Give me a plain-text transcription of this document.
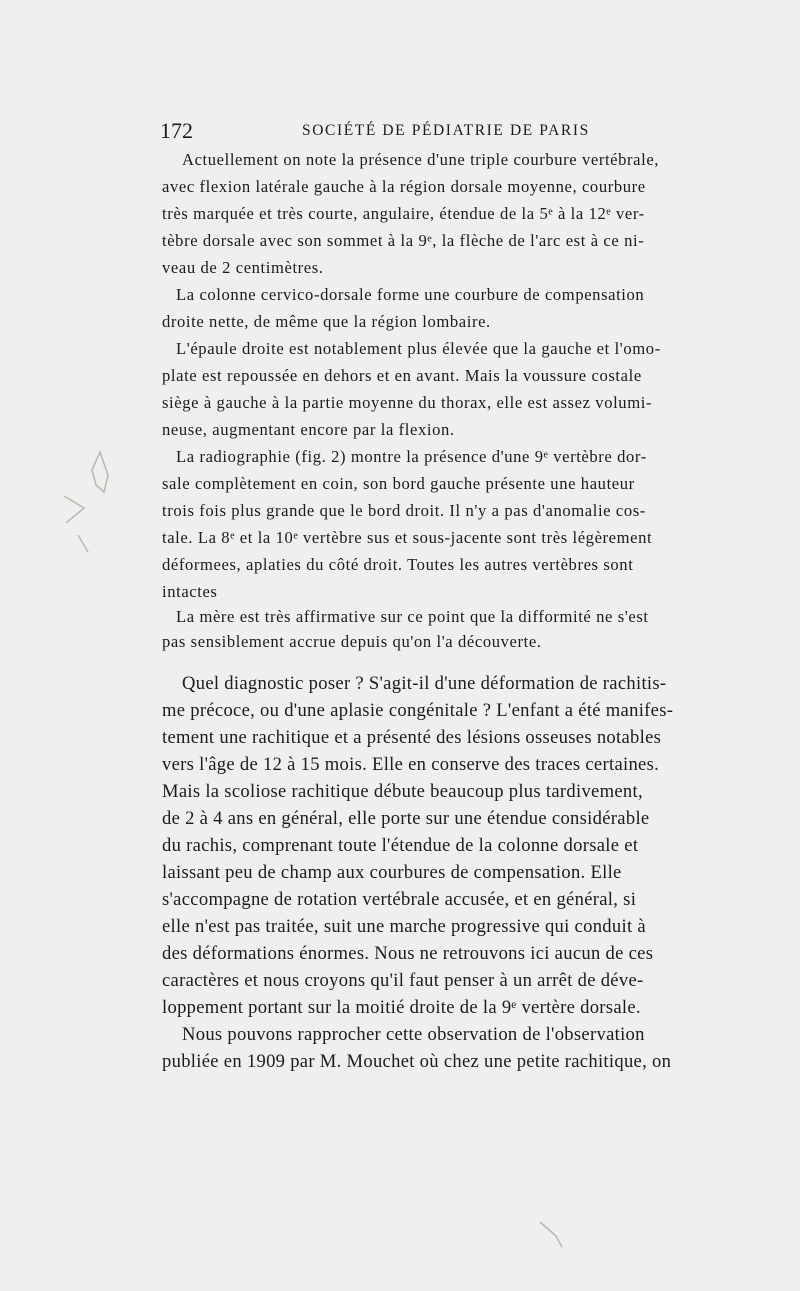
172	SOCIÉTÉ DE PÉDIATRIE DE PARIS
Actuellement on note la présence d'une triple courbure vertébrale,
avec flexion latérale gauche à la région dorsale moyenne, courbure
très marquée et très courte, angulaire, étendue de la 5ᵉ à la 12ᵉ ver-
tèbre dorsale avec son sommet à la 9ᵉ, la flèche de l'arc est à ce ni-
veau de 2 centimètres.
La colonne cervico-dorsale forme une courbure de compensation
droite nette, de même que la région lombaire.
L'épaule droite est notablement plus élevée que la gauche et l'omo-
plate est repoussée en dehors et en avant. Mais la voussure costale
siège à gauche à la partie moyenne du thorax, elle est assez volumi-
neuse, augmentant encore par la flexion.
La radiographie (fig. 2) montre la présence d'une 9ᵉ vertèbre dor-
sale complètement en coin, son bord gauche présente une hauteur
trois fois plus grande que le bord droit. Il n'y a pas d'anomalie cos-
tale. La 8ᵉ et la 10ᵉ vertèbre sus et sous-jacente sont très légèrement
déformees, aplaties du côté droit. Toutes les autres vertèbres sont
intactes
La mère est très affirmative sur ce point que la difformité ne s'est
pas sensiblement accrue depuis qu'on l'a découverte.
Quel diagnostic poser ? S'agit-il d'une déformation de rachitis-
me précoce, ou d'une aplasie congénitale ? L'enfant a été manifes-
tement une rachitique et a présenté des lésions osseuses notables
vers l'âge de 12 à 15 mois. Elle en conserve des traces certaines.
Mais la scoliose rachitique débute beaucoup plus tardivement,
de 2 à 4 ans en général, elle porte sur une étendue considérable
du rachis, comprenant toute l'étendue de la colonne dorsale et
laissant peu de champ aux courbures de compensation. Elle
s'accompagne de rotation vertébrale accusée, et en général, si
elle n'est pas traitée, suit une marche progressive qui conduit à
des déformations énormes. Nous ne retrouvons ici aucun de ces
caractères et nous croyons qu'il faut penser à un arrêt de déve-
loppement portant sur la moitié droite de la 9ᵉ vertère dorsale.
Nous pouvons rapprocher cette observation de l'observation
publiée en 1909 par M. Mouchet où chez une petite rachitique, on
